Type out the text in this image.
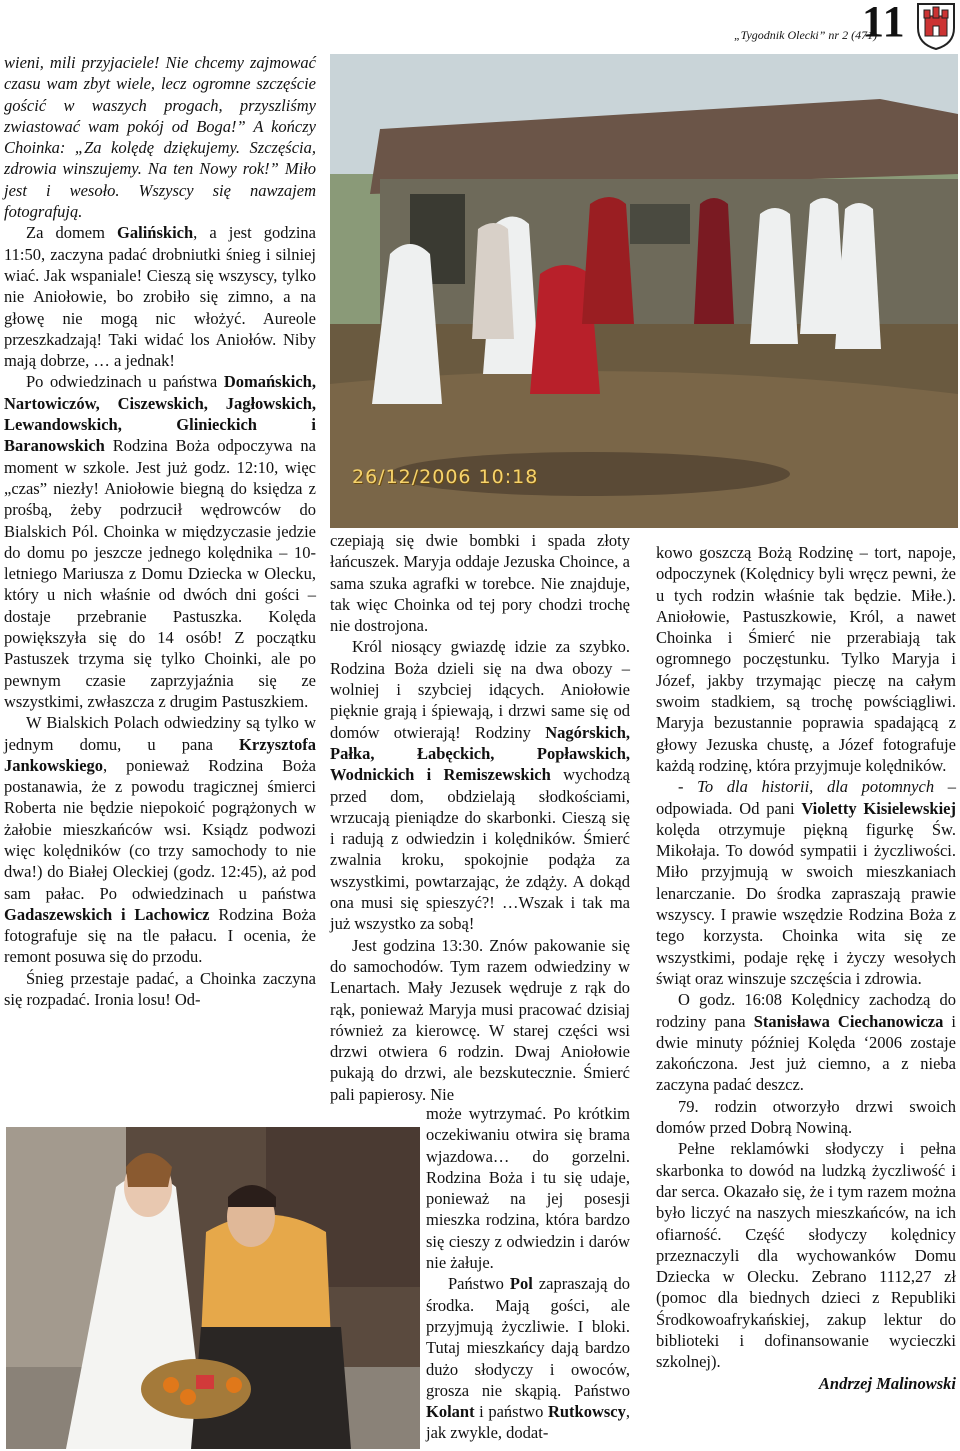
„Tygodnik Olecki” nr 2 (471)
11

wieni, mili przyjaciele! Nie chcemy zajmować czasu wam zbyt wiele, lecz ogromne szczęście gościć w waszych progach, przyszliśmy zwiastować wam pokój od Boga!” A kończy Choinka: „Za kolędę dziękujemy. Szczęścia, zdrowia winszujemy. Na ten Nowy rok!” Miło jest i wesoło. Wszyscy się nawzajem fotografują.

Za domem Galińskich, a jest godzina 11:50, zaczyna padać drobniutki śnieg i silniej wiać. Jak wspaniale! Cieszą się wszyscy, tylko nie Aniołowie, bo zrobiło się zimno, a na głowę nie mogą nic włożyć. Aureole przeszkadzają! Taki widać los Aniołów. Niby mają dobrze, … a jednak!

Po odwiedzinach u państwa Domańskich, Nartowiczów, Ciszewskich, Jagłowskich, Lewandowskich, Glinieckich i Baranowskich Rodzina Boża odpoczywa na moment w szkole. Jest już godz. 12:10, więc „czas” niezły! Aniołowie biegną do księdza z prośbą, żeby podrzucił wędrowców do Bialskich Pól. Choinka w międzyczasie jedzie do domu po jeszcze jednego kolędnika – 10-letniego Mariusza z Domu Dziecka w Olecku, który u nich właśnie od dwóch dni gości – dostaje przebranie Pastuszka. Kolęda powiększyła się do 14 osób! Z początku Pastuszek trzyma się tylko Choinki, ale po pewnym czasie zaprzyjaźnia się ze wszystkimi, zwłaszcza z drugim Pastuszkiem.

W Bialskich Polach odwiedziny są tylko w jednym domu, u pana Krzysztofa Jankowskiego, ponieważ Rodzina Boża postanawia, że z powodu tragicznej śmierci Roberta nie będzie niepokoić pogrążonych w żałobie mieszkańców wsi. Ksiądz podwozi więc kolędników (co trzy samochody to nie dwa!) do Białej Oleckiej (godz. 12:45), aż pod sam pałac. Po odwiedzinach u państwa Gadaszewskich i Lachowicz Rodzina Boża fotografuje się na tle pałacu. I ocenia, że remont posuwa się do przodu.

Śnieg przestaje padać, a Choinka zaczyna się rozpadać. Ironia losu! Od-

26/12/2006 10:18

czepiają się dwie bombki i spada złoty łańcuszek. Maryja oddaje Jezuska Choince, a sama szuka agrafki w torebce. Nie znajduje, tak więc Choinka od tej pory chodzi trochę nie dostrojona.

Król niosący gwiazdę idzie za szybko. Rodzina Boża dzieli się na dwa obozy – wolniej i szybciej idących. Aniołowie pięknie grają i śpiewają, i drzwi same się od domów otwierają! Rodziny Nagórskich, Pałka, Łabęckich, Popławskich, Wodnickich i Remiszewskich wychodzą przed dom, obdzielają słodkościami, wrzucają pieniądze do skarbonki. Cieszą się i radują z odwiedzin i kolędników. Śmierć zwalnia kroku, spokojnie podąża za wszystkimi, powtarzając, że zdąży. A dokąd ona musi się spieszyć?! …Wszak i tak ma już wszystko za sobą!

Jest godzina 13:30. Znów pakowanie się do samochodów. Tym razem odwiedziny w Lenartach. Mały Jezusek wędruje z rąk do rąk, ponieważ Maryja musi pracować dzisiaj również za kierowcę. W starej części wsi drzwi otwiera 6 rodzin. Dwaj Aniołowie pukają do drzwi, ale bezskutecznie. Śmierć pali papierosy. Nie

może wytrzymać. Po krótkim oczekiwaniu otwira się brama wjazdowa… do gorzelni. Rodzina Boża i tu się udaje, ponieważ na jej posesji mieszka rodzina, która bardzo się cieszy z odwiedzin i darów nie żałuje.

Państwo Pol zapraszają do środka. Mają gości, ale przyjmują życzliwie. I bloki. Tutaj mieszkańcy dają bardzo dużo słodyczy i owoców, grosza nie skąpią. Państwo Kolant i państwo Rutkowscy, jak zwykle, dodat-

kowo goszczą Bożą Rodzinę – tort, napoje, odpoczynek (Kolędnicy byli wręcz pewni, że u tych rodzin właśnie tak będzie. Miłe.). Aniołowie, Pastuszkowie, Król, a nawet Choinka i Śmierć nie przerabiają tak ogromnego poczęstunku. Tylko Maryja i Józef, jakby trzymając pieczę na całym swoim stadkiem, są trochę powściągliwi. Maryja bezustannie poprawia spadającą z głowy Jezuska chustę, a Józef fotografuje każdą rodzinę, która przyjmuje kolędników.

- To dla historii, dla potomnych – odpowiada. Od pani Violetty Kisielewskiej kolęda otrzymuje piękną figurkę Św. Mikołaja. To dowód sympatii i życzliwości. Miło przyjmują w swoich mieszkaniach lenarczanie. Do środka zapraszają prawie wszyscy. I prawie wszędzie Rodzina Boża z tego korzysta. Choinka wita się ze wszystkimi, podaje rękę i życzy wesołych świąt oraz winszuje szczęścia i zdrowia.

O godz. 16:08 Kolędnicy zachodzą do rodziny pana Stanisława Ciechanowicza i dwie minuty później Kolęda ‘2006 zostaje zakończona. Jest już ciemno, a z nieba zaczyna padać deszcz.

79. rodzin otworzyło drzwi swoich domów przed Dobrą Nowiną.

Pełne reklamówki słodyczy i pełna skarbonka to dowód na ludzką życzliwość i dar serca. Okazało się, że i tym razem można było liczyć na naszych mieszkańców, na ich ofiarność. Część słodyczy kolędnicy przeznaczyli dla wychowanków Domu Dziecka w Olecku. Zebrano 1112,27 zł (pomoc dla biednych dzieci z Republiki Środkowoafrykańskiej, zakup lektur do biblioteki i dofinansowanie wycieczki szkolnej).

Andrzej Malinowski
